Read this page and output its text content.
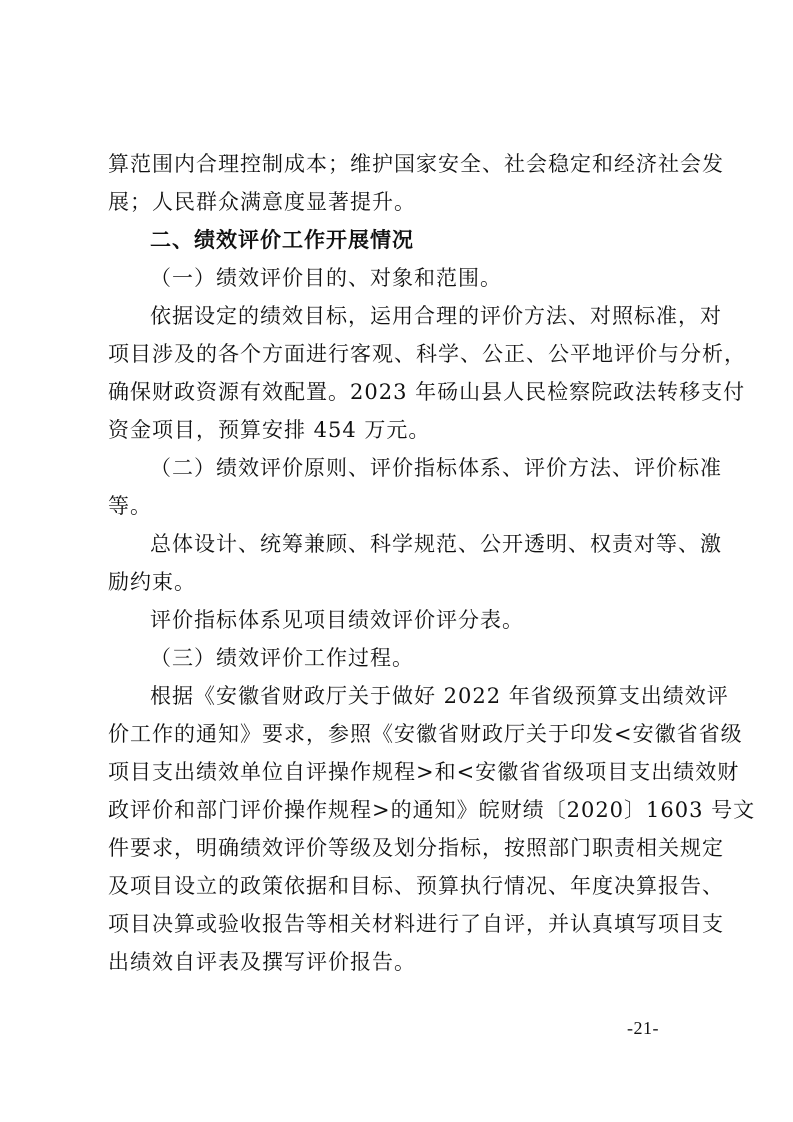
算范围内合理控制成本；维护国家安全、社会稳定和经济社会发
展；人民群众满意度显著提升。
二、绩效评价工作开展情况
（一）绩效评价目的、对象和范围。
依据设定的绩效目标，运用合理的评价方法、对照标准，对
项目涉及的各个方面进行客观、科学、公正、公平地评价与分析，
确保财政资源有效配置。2023 年砀山县人民检察院政法转移支付
资金项目，预算安排 454 万元。
（二）绩效评价原则、评价指标体系、评价方法、评价标准
等。
总体设计、统筹兼顾、科学规范、公开透明、权责对等、激
励约束。
评价指标体系见项目绩效评价评分表。
（三）绩效评价工作过程。
根据《安徽省财政厅关于做好 2022 年省级预算支出绩效评
价工作的通知》要求，参照《安徽省财政厅关于印发<安徽省省级
项目支出绩效单位自评操作规程>和<安徽省省级项目支出绩效财
政评价和部门评价操作规程>的通知》皖财绩〔2020〕1603 号文
件要求，明确绩效评价等级及划分指标，按照部门职责相关规定
及项目设立的政策依据和目标、预算执行情况、年度决算报告、
项目决算或验收报告等相关材料进行了自评，并认真填写项目支
出绩效自评表及撰写评价报告。
-21-
